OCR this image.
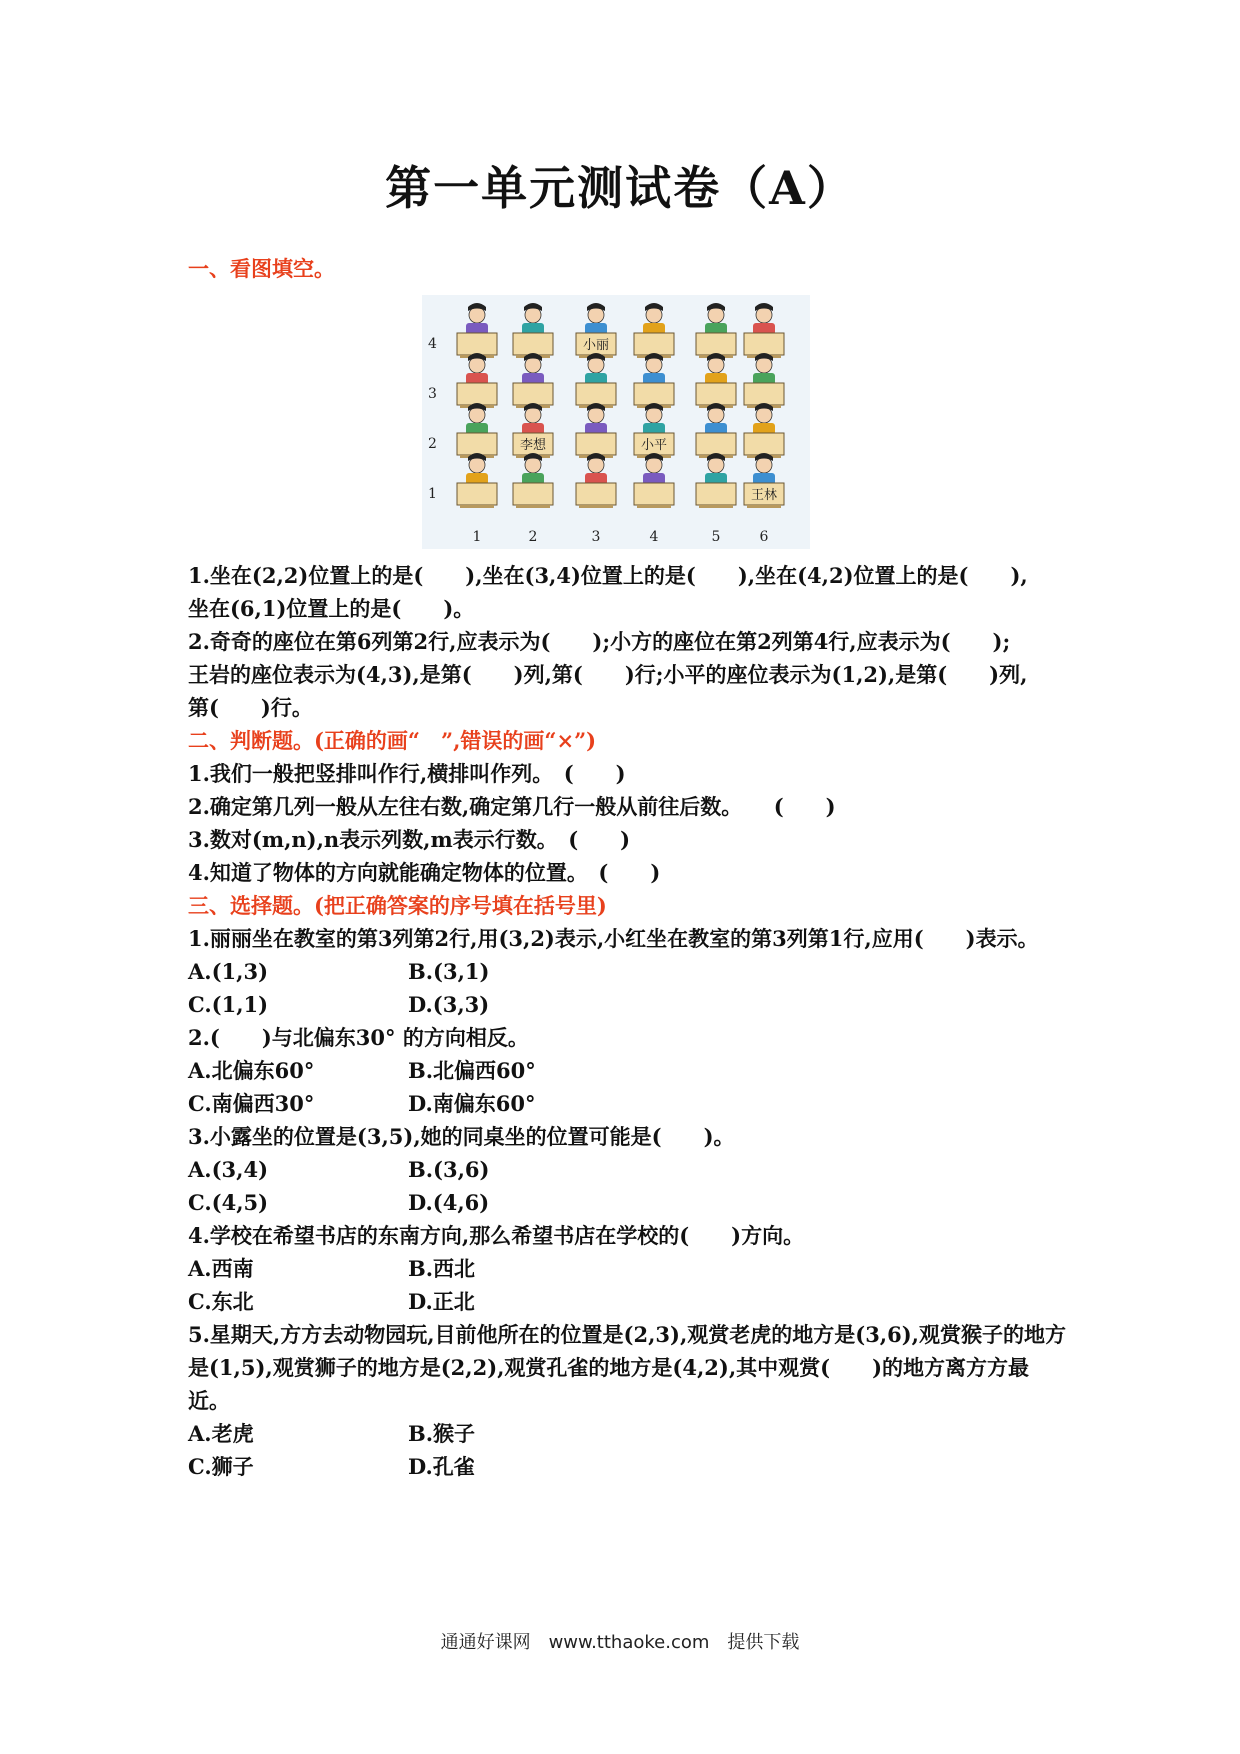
第一单元测试卷（A）
一、看图填空。
小丽
李想	小平
王林
4
3
2
1
1	2	3	4	5	6
1.坐在(2,2)位置上的是(　　),坐在(3,4)位置上的是(　　),坐在(4,2)位置上的是(　　),
坐在(6,1)位置上的是(　　)。
2.奇奇的座位在第6列第2行,应表示为(　　);小方的座位在第2列第4行,应表示为(　　);
王岩的座位表示为(4,3),是第(　　)列,第(　　)行;小平的座位表示为(1,2),是第(　　)列,
第(　　)行。
二、判断题。(正确的画“　”,错误的画“×”)
1.我们一般把竖排叫作行,横排叫作列。　(　　)
2.确定第几列一般从左往右数,确定第几行一般从前往后数。　　(　　)
3.数对(m,n),n表示列数,m表示行数。　(　　)
4.知道了物体的方向就能确定物体的位置。　(　　)
三、选择题。(把正确答案的序号填在括号里)
1.丽丽坐在教室的第3列第2行,用(3,2)表示,小红坐在教室的第3列第1行,应用(　　)表示。
A.(1,3)	B.(3,1)
C.(1,1)	D.(3,3)
2.(　　)与北偏东30° 的方向相反。
A.北偏东60°	B.北偏西60°
C.南偏西30°	D.南偏东60°
3.小露坐的位置是(3,5),她的同桌坐的位置可能是(　　)。
A.(3,4)	B.(3,6)
C.(4,5)	D.(4,6)
4.学校在希望书店的东南方向,那么希望书店在学校的(　　)方向。
A.西南	B.西北
C.东北	D.正北
5.星期天,方方去动物园玩,目前他所在的位置是(2,3),观赏老虎的地方是(3,6),观赏猴子的地方是(1,5),观赏狮子的地方是(2,2),观赏孔雀的地方是(4,2),其中观赏(　　)的地方离方方最近。
A.老虎	B.猴子
C.狮子	D.孔雀
通通好课网　www.tthaoke.com　提供下载
